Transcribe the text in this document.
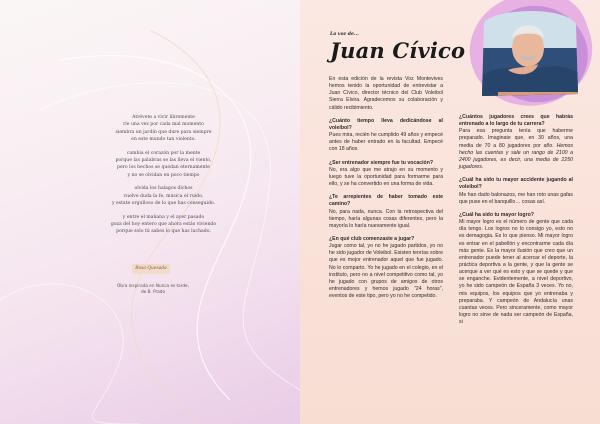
Atrévete a vivir libremente
ríe una vez por cada mal momento
siembra un jardín que dure para siempre
en este mundo tan violento.
cambia el corazón por la mente
porque las palabras se las lleva el viento,
pero los hechos se quedan eternamente
y no se olvidan en poco tiempo
olvida los halagos dichos
vuelve duda la fe, música el ruido,
y estate orgulloso de lo que has conseguido.
y entre el mañana y el ayer pasado
goza del hoy entero que ahora estás viviendo
porque solo tú sabes lo que has luchado.
Rosa Quesada
Obra inspirada en Nunca es tarde, de B. Prado
La voz de...
Juan Cívico

En esta edición de la revista Voz Montevives hemos tenido la oportunidad de entrevistar a Juan Cívico, director técnico del Club Voleibol Sierra Elvira. Agradecemos su colaboración y cálido recibimiento.

¿Cuánto tiempo lleva dedicándose al voleibol?
Pues mira, recién he cumplido 49 años y empecé antes de haber entrado en la facultad. Empecé con 18 años.

¿Ser entrenador siempre fue tu vocación?
No, era algo que me atrajo en su momento y luego tuve la oportunidad para formarme para ello, y se ha convertido en una forma de vida.

¿Te arrepientes de haber tomado este camino?
No, para nada, nunca. Con la retrospectiva del tiempo, haría algunas cosas diferentes, pero la mayoría lo haría nuevamente igual.

¿En qué club comenzaste a jugar?
Jugar como tal, yo no he jugado partidos, yo no he sido jugador de Voleibol. Existen teorías sobre que es mejor entrenador aquel que fue jugado. No lo comparto. Yo he jugado en el colegio, en el instituto, pero no a nivel competitivo como tal, yo he jugado con grupos de amigos de otros entrenadores y hemos jugado "24 horas", eventos de este tipo, pero yo no he competido.

¿Cuántos jugadores crees que habrás entrenado a lo largo de tu carrera?
Para esa pregunta tenía que haberme preparado. Imaginate que, en 30 años, una media de 70 a 80 jugadores por año. Hemos hecho las cuentas y sale un rango de 2100 a 2400 jugadores, es decir, una media de 2250 jugadores.

¿Cuál ha sido tu mayor accidente jugando al voleibol?
Me han dado balonazos, me han roto unas gafas que puse en el banquillo… cosas así.

¿Cuál ha sido tu mayor logro?
Mi mayor logro es el número de gente que cada día tengo. Los logros no lo consigo yo, esto no es demagogia. Es lo que pienso. Mi mayor logro es entrar en el pabellón y encontrarme cada día más gente. Es la mayor ilusión que creo que un entrenador puede tener al acercar el deporte, la práctica deportiva a la gente, y que la gente se acerque a ver qué es esto y que se quede y que se enganche. Evidentemente, a nivel deportivo, yo he sido campeón de España 3 veces. Yo no, mis equipos, los equipos que yo entrenaba y preparaba. Y campeón de Andalucía unas cuantas veces. Pero sinceramente, como mayor logro no sirve de nada ser campeón de España, si
